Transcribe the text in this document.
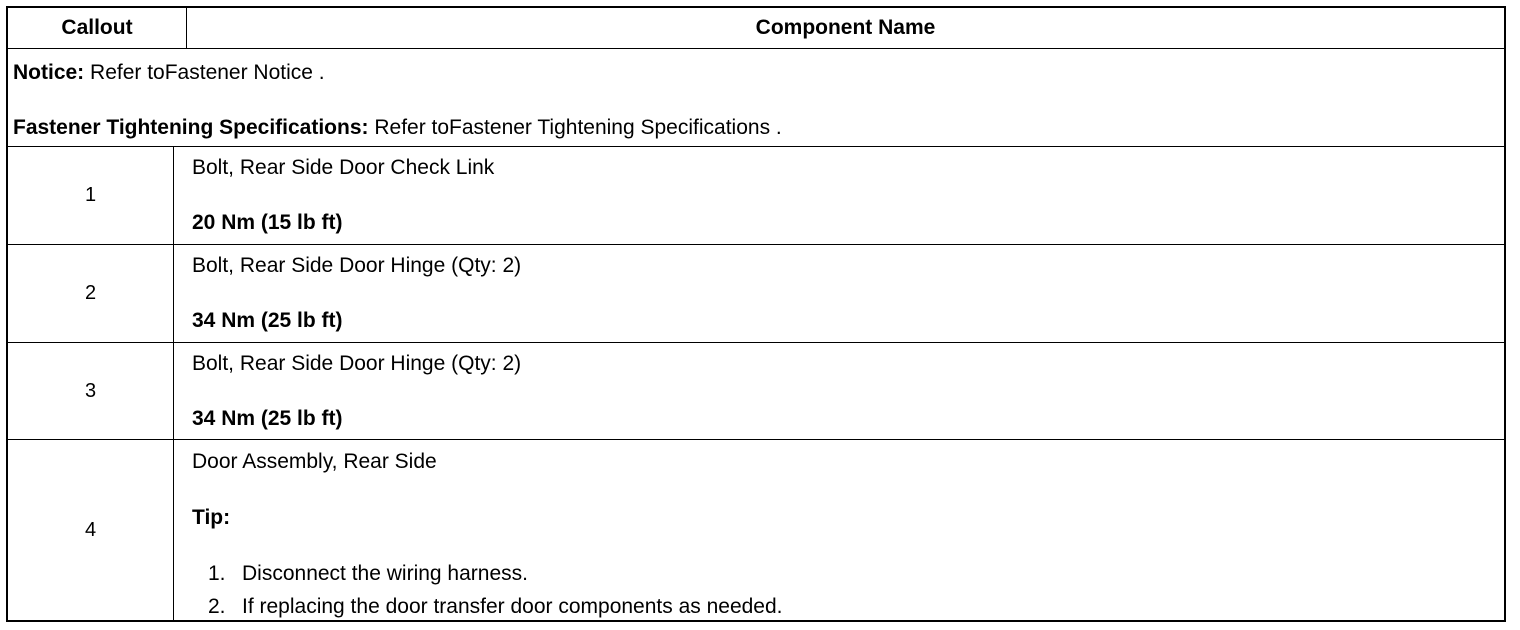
Callout	Component Name
Notice: Refer toFastener Notice .
Fastener Tightening Specifications: Refer toFastener Tightening Specifications .
1
Bolt, Rear Side Door Check Link
20 Nm (15 lb ft)
2
Bolt, Rear Side Door Hinge (Qty: 2)
34 Nm (25 lb ft)
3
Bolt, Rear Side Door Hinge (Qty: 2)
34 Nm (25 lb ft)
4
Door Assembly, Rear Side
Tip:
1. Disconnect the wiring harness.
2. If replacing the door transfer door components as needed.
